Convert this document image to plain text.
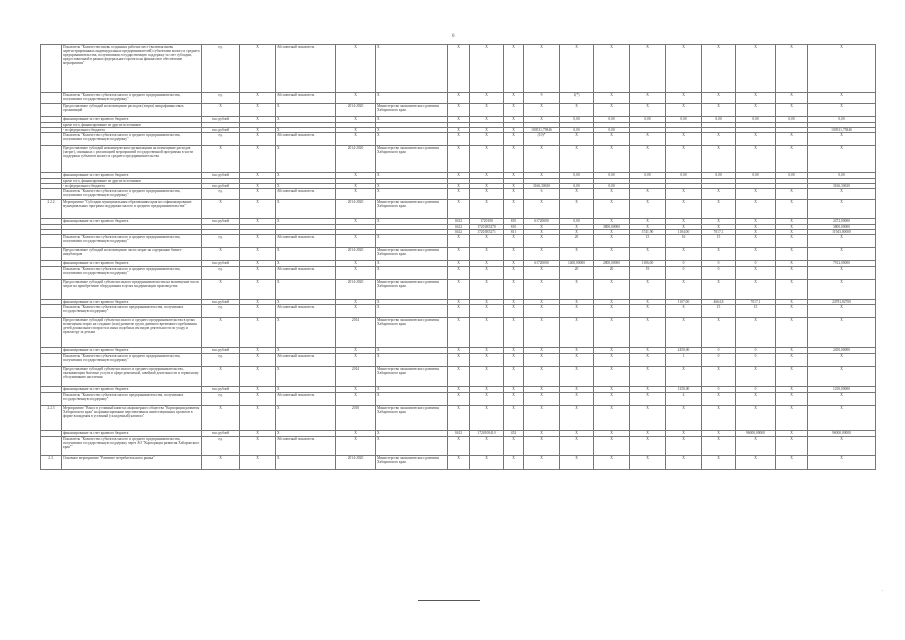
6
	Показатель "Количество вновь созданных рабочих мест (включая вновь зарегистрированных индивидуальных предпринимателей) субъектами малого и среднего предпринимательства, получившими государственную поддержку за счет субсидии, предоставленной в рамках федерального проекта на финансовое обеспечение мероприятия"	ед.	X	Абсолютный показатель	X	X	X	X	X	X	X	X	X	X	X	X	X	X
	Показатель "Количество субъектов малого и среднего предпринимательства, получивших государственную поддержку"	ед.	X	Абсолютный показатель	X	X	X	X	X	9	1(*)	X	X	X	X	X	X	X
	Предоставление субсидий на возмещение расходов (затрат) микрофинансовых организаций	X	X	X	2014-2020	Министерство экономического развития Хабаровского края	X	X	X	X	X	X	X	X	X	X	X	X
	финансирование за счет краевого бюджета	тыс.рублей	X	X	X	X	X	X	X	X	0,00	0,00	0,00	0,00	0,00	0,00	0,00	0,00
	кроме того, финансирование из других источников																	
	- из федерального бюджета	тыс.рублей	X	X	X	X	X	X	X	100531,75846	0,00	0,00						100531,75846
	Показатель "Количество субъектов малого и среднего предпринимательства, получивших государственную поддержку"	ед.	X	Абсолютный показатель	X	X	X	X	X	(10)*	X	X	X	X	X	X	X	X
	Предоставление субсидий некоммерческим организациям на возмещение расходов (затрат), связанных с реализацией мероприятий государственной программы в части поддержки субъектов малого и среднего предпринимательства	X	X	X	2014-2020	Министерство экономического развития Хабаровского края	X	X	X	X	X	X	X	X	X	X	X	X
	финансирование за счет краевого бюджета	тыс.рублей	X	X	X	X	X	X	X	X	0,00	0,00	0,00	0,00	0,00	0,00	0,00	0,00
	кроме того, финансирование из других источников																	
	- из федерального бюджета	тыс.рублей	X	X	X	X	X	X	X	3166,30630	0,00	0,00						3166,30630
	Показатель "Количество субъектов малого и среднего предпринимательства, получивших государственную поддержку"	ед.	X	Абсолютный показатель	X	X	X	X	X	6	X	X	X	X	X	X	X	X
2.2.2	Мероприятие "Субсидии муниципальным образованиям края на софинансирование муниципальных программ поддержки малого и среднего предпринимательства"	X	X	X	2014-2020	Министерство экономического развития Хабаровского края	X	X	X	X	X	X	X	X	X	X	X	X
	финансирование за счет краевого бюджета	тыс.рублей	X	X	X	X	0412	1720100	810	61720000	0,00	X	X	X	X	X	X	2472,00000
							0412	17201R5270	810	X	X	3800,00000	X	X	X	X	X	3800,00000
							0412	17201R5271	811	X	X	X	3741,90	1184,00	7017,1	X	X	11943,00000
	Показатель "Количество субъектов малого и среднего предпринимательства, получивших государственную поддержку"	ед.	X	Абсолютный показатель	X	X	X	X	X	X	20	X	15	16	15	X	X	X
	Предоставление субсидий на возмещение части затрат на содержание бизнес-инкубаторов	X	X	X	2014-2020	Министерство экономического развития Хабаровского края	X	X	X	X	X	X	X	X	X	X	X	X
	финансирование за счет краевого бюджета	тыс.рублей	X	X	X	X	X	X	X	61720000	1400,00000	2800,00000	1186,00	0	0	0	X	7912,00000
	Показатель "Количество субъектов малого и среднего предпринимательства, получивших государственную поддержку"	ед.	X	Абсолютный показатель	X	X	X	X	X	X	20	20	19	0	0	X	X	X
	Предоставление субсидий субъектам малого предпринимательства на возмещение части затрат на приобретение оборудования в целях модернизации производства	X	X	X	2014-2020	Министерство экономического развития Хабаровского края	X	X	X	X	X	X	X	X	X	X	X	X
	финансирование за счет краевого бюджета	тыс.рублей	X	X	X	X	X	X	X	X	X	X	X	1107,00	4664,8	7017,1	X	24781,82700
	Показатель "Количество субъектов малого предпринимательства, получивших государственную поддержку"	ед.	X	Абсолютный показатель	X	X	X	X	X	X	X	X	X	8	15	15	X	X
	Предоставление субсидий субъектам малого и среднего предпринимательства в целях возмещения затрат на создание (или) развитие групп дневного временного пребывания детей дошкольного возраста и иных подобных им видов деятельности по уходу и присмотру за детьми	X	X	X	2014	Министерство экономического развития Хабаровского края	X	X	X	X	X	X	X	X	X	X	X	X
	финансирование за счет краевого бюджета	тыс.рублей	X	X	X	X	X	X	X	X	X	X	X	2450,00	0	0	X	2450,00000
	Показатель "Количество субъектов малого и среднего предпринимательства, получивших государственную поддержку"	ед.	X	Абсолютный показатель	X	X	X	X	X	X	X	X	X	1	0	0	X	X
	Предоставление субсидий субъектам малого и среднего предпринимательства, оказывающим бытовые услуги в сфере ремонтной, швейной деятельности и сервисному обслуживанию населения	X	X	X	2014	Министерство экономического развития Хабаровского края	X	X	X	X	X	X	X	X	X	X	X	X
	финансирование за счет краевого бюджета	тыс.рублей	X	X	X	X	X	X	X	X	X	X	X	1250,00	0	0	X	1250,00000
	Показатель "Количество субъектов малого предпринимательства, получивших государственную поддержку"	ед.	X	Абсолютный показатель	X	X	X	X	X	X	X	X	X	4	X	X	X	X
2.2.3	Мероприятие "Взнос в уставный капитал акционерного общества "Корпорация развития Хабаровского края" на финансирование перспективных инвестиционных проектов в форме вхождения в уставный (складочный) капитал"	X	X	X	2018	Министерство экономического развития Хабаровского края	X	X	X	X	X	X	X	X	X	X	X	X
	финансирование за счет краевого бюджета	тыс.рублей	X	X	X	X	0412	1720100410	452	X	X	X	X	X	X	96000,00000	X	96000,00000
	Показатель "Количество субъектов малого и среднего предпринимательства, получивших государственную поддержку через АО "Корпорация развития Хабаровского края""	ед.	X	Абсолютный показатель	X	X	X	X	X	X	X	X	X	X	X	X	X	X
2.3.	Основное мероприятие "Развитие потребительского рынка"	X	X	X	2014-2020	Министерство экономического развития Хабаровского края	X	X	X	X	X	X	X	X	X	X	X	X
.
